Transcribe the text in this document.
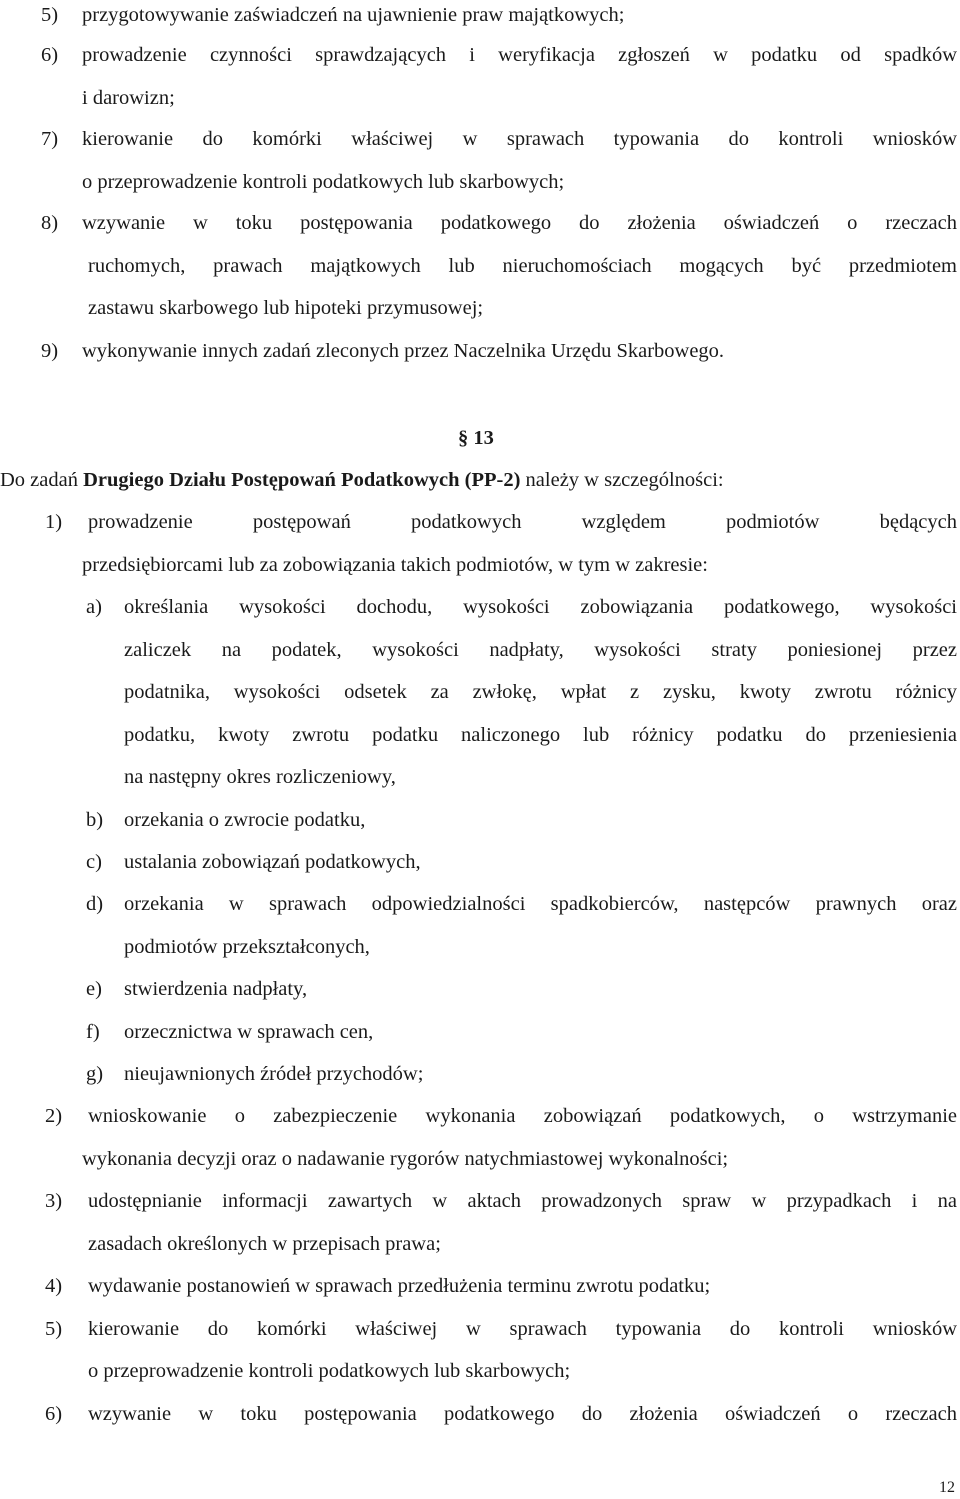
5) przygotowywanie zaświadczeń na ujawnienie praw majątkowych;
6) prowadzenie czynności sprawdzających i weryfikacja zgłoszeń w podatku od spadków
i darowizn;
7) kierowanie do komórki właściwej w sprawach typowania do kontroli wniosków
o przeprowadzenie kontroli podatkowych lub skarbowych;
8) wzywanie w toku postępowania podatkowego do złożenia oświadczeń o rzeczach
ruchomych, prawach majątkowych lub nieruchomościach mogących być przedmiotem
zastawu skarbowego lub hipoteki przymusowej;
9) wykonywanie innych zadań zleconych przez Naczelnika Urzędu Skarbowego.
§ 13
Do zadań Drugiego Działu Postępowań Podatkowych (PP-2) należy w szczególności:
1) prowadzenie postępowań podatkowych względem podmiotów będących
przedsiębiorcami lub za zobowiązania takich podmiotów, w tym w zakresie:
a) określania wysokości dochodu, wysokości zobowiązania podatkowego, wysokości
zaliczek na podatek, wysokości nadpłaty, wysokości straty poniesionej przez
podatnika, wysokości odsetek za zwłokę, wpłat z zysku, kwoty zwrotu różnicy
podatku, kwoty zwrotu podatku naliczonego lub różnicy podatku do przeniesienia
na następny okres rozliczeniowy,
b) orzekania o zwrocie podatku,
c) ustalania zobowiązań podatkowych,
d) orzekania w sprawach odpowiedzialności spadkobierców, następców prawnych oraz
podmiotów przekształconych,
e) stwierdzenia nadpłaty,
f) orzecznictwa w sprawach cen,
g) nieujawnionych źródeł przychodów;
2) wnioskowanie o zabezpieczenie wykonania zobowiązań podatkowych, o wstrzymanie
wykonania decyzji oraz o nadawanie rygorów natychmiastowej wykonalności;
3) udostępnianie informacji zawartych w aktach prowadzonych spraw w przypadkach i na
zasadach określonych w przepisach prawa;
4) wydawanie postanowień w sprawach przedłużenia terminu zwrotu podatku;
5) kierowanie do komórki właściwej w sprawach typowania do kontroli wniosków
o przeprowadzenie kontroli podatkowych lub skarbowych;
6) wzywanie w toku postępowania podatkowego do złożenia oświadczeń o rzeczach
12
